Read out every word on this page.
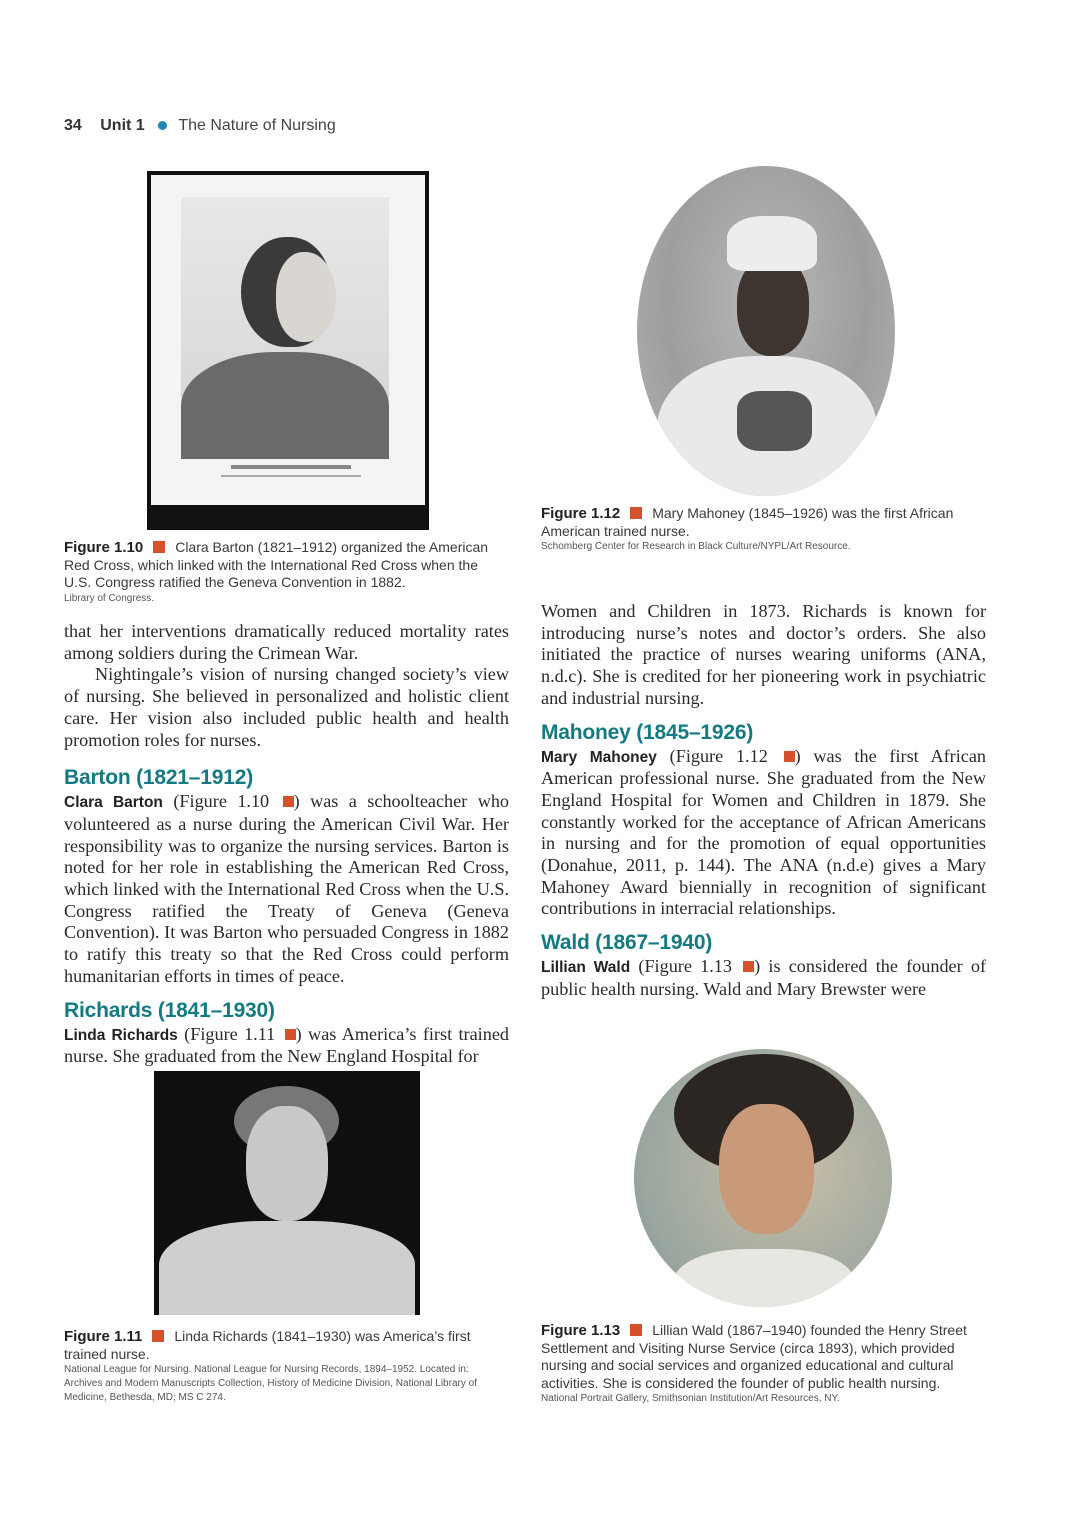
34 Unit 1 The Nature of Nursing
Figure 1.10 Clara Barton (1821–1912) organized the American Red Cross, which linked with the International Red Cross when the U.S. Congress ratified the Geneva Convention in 1882.
Library of Congress.
Figure 1.12 Mary Mahoney (1845–1926) was the first African American trained nurse.
Schomberg Center for Research in Black Culture/NYPL/Art Resource.

that her interventions dramatically reduced mortality rates among soldiers during the Crimean War.

Nightingale’s vision of nursing changed society’s view of nursing. She believed in personalized and holistic client care. Her vision also included public health and health promotion roles for nurses.

Barton (1821–1912)

Clara Barton (Figure 1.10 ) was a schoolteacher who volunteered as a nurse during the American Civil War. Her responsibility was to organize the nursing services. Barton is noted for her role in establishing the American Red Cross, which linked with the International Red Cross when the U.S. Congress ratified the Treaty of Geneva (Geneva Convention). It was Barton who persuaded Congress in 1882 to ratify this treaty so that the Red Cross could perform humanitarian efforts in times of peace.

Richards (1841–1930)

Linda Richards (Figure 1.11 ) was America’s first trained nurse. She graduated from the New England Hospital for

Women and Children in 1873. Richards is known for introducing nurse’s notes and doctor’s orders. She also initiated the practice of nurses wearing uniforms (ANA, n.d.c). She is credited for her pioneering work in psychiatric and industrial nursing.

Mahoney (1845–1926)

Mary Mahoney (Figure 1.12 ) was the first African American professional nurse. She graduated from the New England Hospital for Women and Children in 1879. She constantly worked for the acceptance of African Americans in nursing and for the promotion of equal opportunities (Donahue, 2011, p. 144). The ANA (n.d.e) gives a Mary Mahoney Award biennially in recognition of significant contributions in interracial relationships.

Wald (1867–1940)

Lillian Wald (Figure 1.13 ) is considered the founder of public health nursing. Wald and Mary Brewster were

Figure 1.11 Linda Richards (1841–1930) was America’s first trained nurse.
National League for Nursing. National League for Nursing Records, 1894–1952. Located in: Archives and Modern Manuscripts Collection, History of Medicine Division, National Library of Medicine, Bethesda, MD; MS C 274.
Figure 1.13 Lillian Wald (1867–1940) founded the Henry Street Settlement and Visiting Nurse Service (circa 1893), which provided nursing and social services and organized educational and cultural activities. She is considered the founder of public health nursing.
National Portrait Gallery, Smithsonian Institution/Art Resources, NY.
